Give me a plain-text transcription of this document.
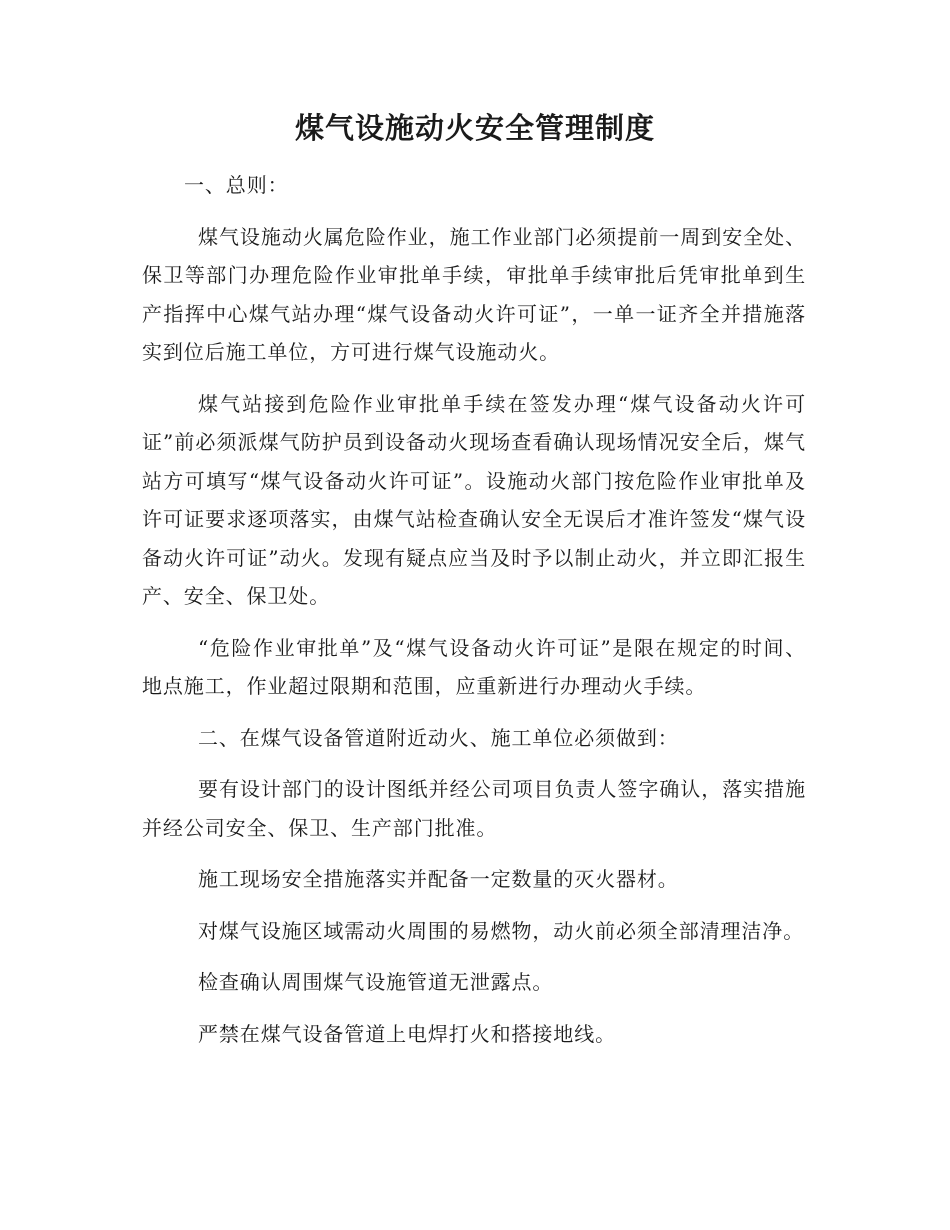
煤气设施动火安全管理制度

一、总则：

煤气设施动火属危险作业，施工作业部门必须提前一周到安全处、保卫等部门办理危险作业审批单手续，审批单手续审批后凭审批单到生产指挥中心煤气站办理“煤气设备动火许可证”，一单一证齐全并措施落实到位后施工单位，方可进行煤气设施动火。

煤气站接到危险作业审批单手续在签发办理“煤气设备动火许可证”前必须派煤气防护员到设备动火现场查看确认现场情况安全后，煤气站方可填写“煤气设备动火许可证”。设施动火部门按危险作业审批单及许可证要求逐项落实，由煤气站检查确认安全无误后才准许签发“煤气设备动火许可证”动火。发现有疑点应当及时予以制止动火，并立即汇报生产、安全、保卫处。

“危险作业审批单”及“煤气设备动火许可证”是限在规定的时间、地点施工，作业超过限期和范围，应重新进行办理动火手续。

二、在煤气设备管道附近动火、施工单位必须做到：

要有设计部门的设计图纸并经公司项目负责人签字确认，落实措施并经公司安全、保卫、生产部门批准。

施工现场安全措施落实并配备一定数量的灭火器材。

对煤气设施区域需动火周围的易燃物，动火前必须全部清理洁净。

检查确认周围煤气设施管道无泄露点。

严禁在煤气设备管道上电焊打火和搭接地线。
